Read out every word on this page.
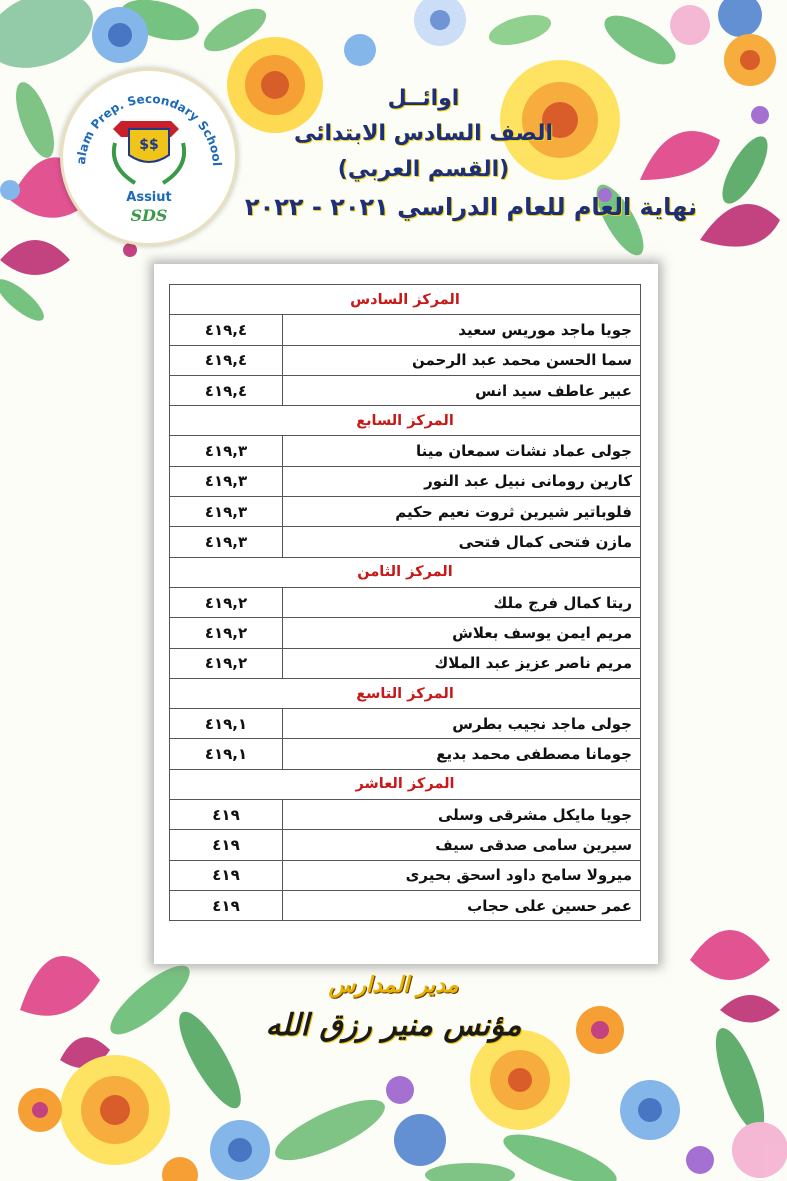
alam Prep. Secondary School
$$
Assiut
SDS
اوائــل
الصف السادس الابتدائى
(القسم العربي)
نهاية العام للعام الدراسي ٢٠٢١ - ٢٠٢٢
المركز السادس	
جويا ماجد موريس سعيد	٤١٩,٤
سما الحسن محمد عبد الرحمن	٤١٩,٤
عبير عاطف سيد انس	٤١٩,٤
المركز السابع	
جولى عماد نشات سمعان مينا	٤١٩,٣
كارين رومانى نبيل عبد النور	٤١٩,٣
فلوباتير شيرين ثروت نعيم حكيم	٤١٩,٣
مازن فتحى كمال فتحى	٤١٩,٣
المركز الثامن	
ريتا كمال فرج ملك	٤١٩,٢
مريم ايمن يوسف بعلاش	٤١٩,٢
مريم ناصر عزيز عبد الملاك	٤١٩,٢
المركز التاسع	
جولى ماجد نجيب بطرس	٤١٩,١
جومانا مصطفى محمد بديع	٤١٩,١
المركز العاشر	
جويا مايكل مشرقى وسلى	٤١٩
سيرين سامى صدقى سيف	٤١٩
ميرولا سامح داود اسحق بحيرى	٤١٩
عمر حسين على حجاب	٤١٩
مدير المدارس
مؤنس منير رزق الله
